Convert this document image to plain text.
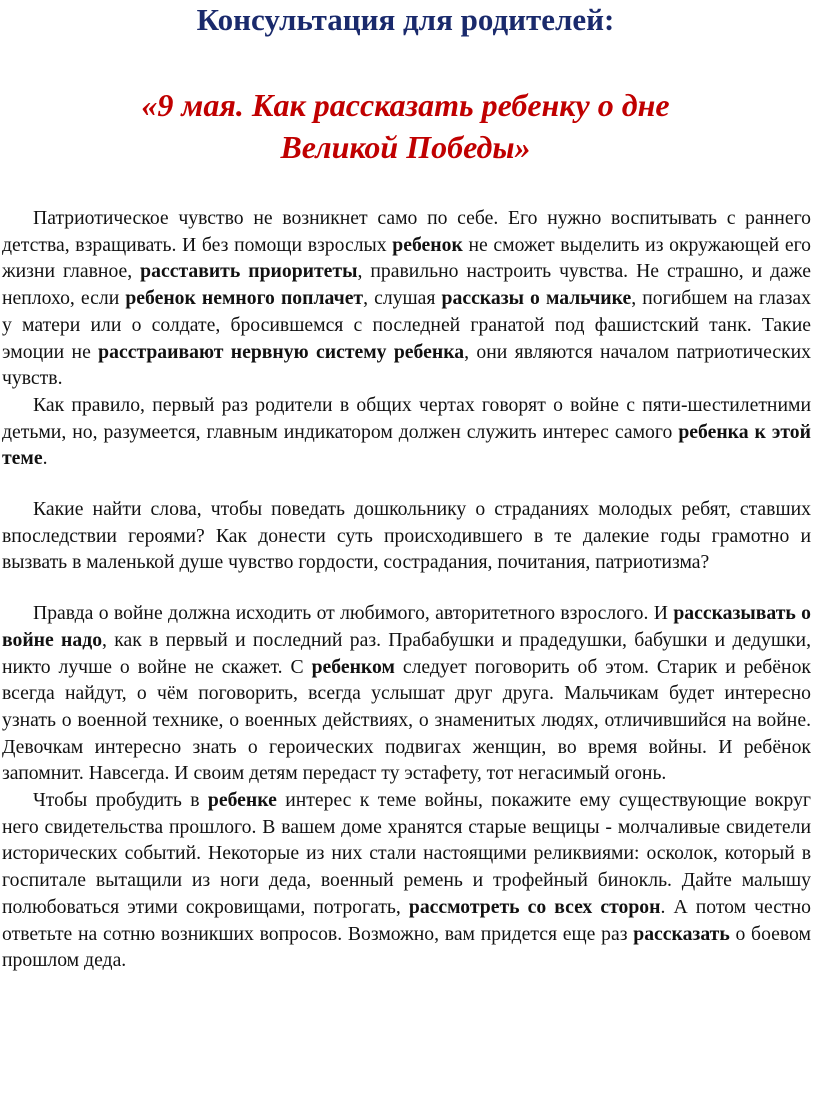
Консультация для родителей:
«9 мая. Как рассказать ребенку о дне
Великой Победы»

Патриотическое чувство не возникнет само по себе. Его нужно воспитывать с раннего детства, взращивать. И без помощи взрослых ребенок не сможет выделить из окружающей его жизни главное, расставить приоритеты, правильно настроить чувства. Не страшно, и даже неплохо, если ребенок немного поплачет, слушая рассказы о мальчике, погибшем на глазах у матери или о солдате, бросившемся с последней гранатой под фашистский танк. Такие эмоции не расстраивают нервную систему ребенка, они являются началом патриотических чувств.

Как правило, первый раз родители в общих чертах говорят о войне с пяти-шестилетними детьми, но, разумеется, главным индикатором должен служить интерес самого ребенка к этой теме.

Какие найти слова, чтобы поведать дошкольнику о страданиях молодых ребят, ставших впоследствии героями? Как донести суть происходившего в те далекие годы грамотно и вызвать в маленькой душе чувство гордости, сострадания, почитания, патриотизма?

Правда о войне должна исходить от любимого, авторитетного взрослого. И рассказывать о войне надо, как в первый и последний раз. Прабабушки и прадедушки, бабушки и дедушки, никто лучше о войне не скажет. С ребенком следует поговорить об этом. Старик и ребёнок всегда найдут, о чём поговорить, всегда услышат друг друга. Мальчикам будет интересно узнать о военной технике, о военных действиях, о знаменитых людях, отличившийся на войне. Девочкам интересно знать о героических подвигах женщин, во время войны. И ребёнок запомнит. Навсегда. И своим детям передаст ту эстафету, тот негасимый огонь.

Чтобы пробудить в ребенке интерес к теме войны, покажите ему существующие вокруг него свидетельства прошлого. В вашем доме хранятся старые вещицы - молчаливые свидетели исторических событий. Некоторые из них стали настоящими реликвиями: осколок, который в госпитале вытащили из ноги деда, военный ремень и трофейный бинокль. Дайте малышу полюбоваться этими сокровищами, потрогать, рассмотреть со всех сторон. А потом честно ответьте на сотню возникших вопросов. Возможно, вам придется еще раз рассказать о боевом прошлом деда.
